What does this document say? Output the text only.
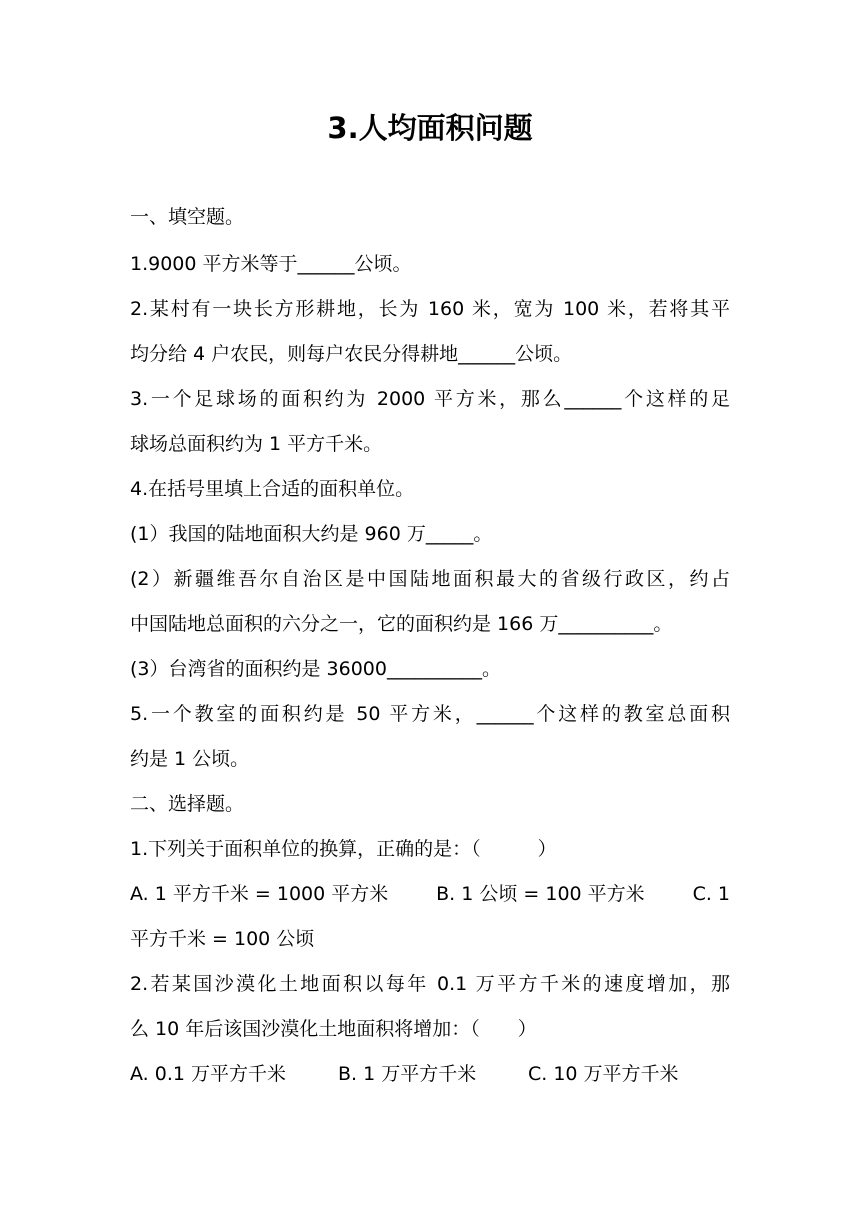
3.人均面积问题
一、填空题。
1.9000 平方米等于______公顷。
2.某村有一块长方形耕地，长为 160 米，宽为 100 米，若将其平
均分给 4 户农民，则每户农民分得耕地______公顷。
3.一个足球场的面积约为 2000 平方米，那么______个这样的足
球场总面积约为 1 平方千米。
4.在括号里填上合适的面积单位。
(1）我国的陆地面积大约是 960 万_____。
(2）新疆维吾尔自治区是中国陆地面积最大的省级行政区，约占
中国陆地总面积的六分之一，它的面积约是 166 万__________。
(3）台湾省的面积约是 36000__________。
5.一个教室的面积约是 50 平方米，______个这样的教室总面积
约是 1 公顷。
二、选择题。
1.下列关于面积单位的换算，正确的是：（　　　）
A. 1 平方千米 = 1000 平方米	B. 1 公顷 = 100 平方米	C. 1
平方千米 = 100 公顷
2.若某国沙漠化土地面积以每年 0.1 万平方千米的速度增加，那
么 10 年后该国沙漠化土地面积将增加：（　　）
A. 0.1 万平方千米	B. 1 万平方千米	C. 10 万平方千米
